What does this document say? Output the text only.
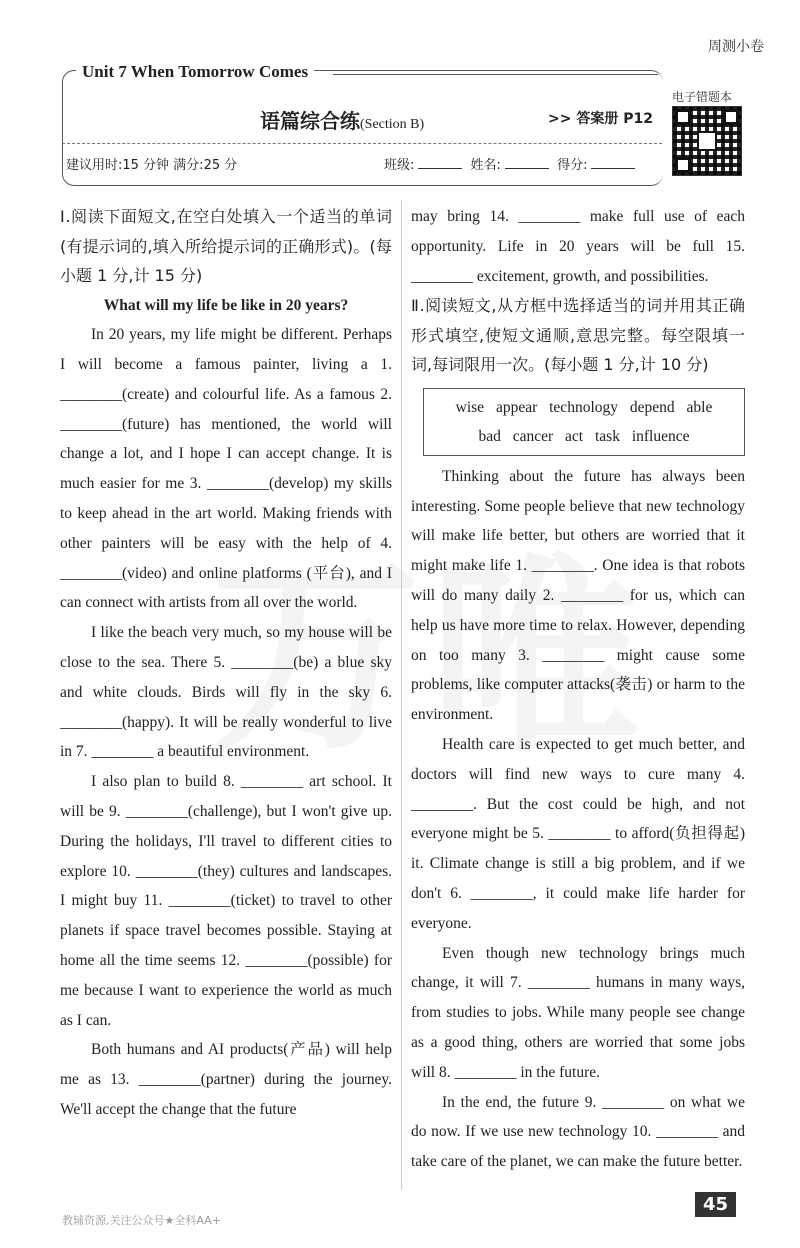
周测小卷
Unit 7 When Tomorrow Comes
语篇综合练(Section B)	>> 答案册 P12
建议用时:15 分钟 满分:25 分	班级:	姓名:	得分:
电子错题本

Ⅰ.阅读下面短文,在空白处填入一个适当的单词(有提示词的,填入所给提示词的正确形式)。(每小题 1 分,计 15 分)

What will my life be like in 20 years?

In 20 years, my life might be different. Perhaps I will become a famous painter, living a 1. ________(create) and colourful life. As a famous 2. ________(future) has mentioned, the world will change a lot, and I hope I can accept change. It is much easier for me 3. ________(develop) my skills to keep ahead in the art world. Making friends with other painters will be easy with the help of 4. ________(video) and online platforms (平台), and I can connect with artists from all over the world.

I like the beach very much, so my house will be close to the sea. There 5. ________(be) a blue sky and white clouds. Birds will fly in the sky 6. ________(happy). It will be really wonderful to live in 7. ________ a beautiful environment.

I also plan to build 8. ________ art school. It will be 9. ________(challenge), but I won't give up. During the holidays, I'll travel to different cities to explore 10. ________(they) cultures and landscapes. I might buy 11. ________(ticket) to travel to other planets if space travel becomes possible. Staying at home all the time seems 12. ________(possible) for me because I want to experience the world as much as I can.

Both humans and AI products(产品) will help me as 13. ________(partner) during the journey. We'll accept the change that the future

may bring 14. ________ make full use of each opportunity. Life in 20 years will be full 15. ________ excitement, growth, and possibilities.

Ⅱ.阅读短文,从方框中选择适当的词并用其正确形式填空,使短文通顺,意思完整。每空限填一词,每词限用一次。(每小题 1 分,计 10 分)

wise appear technology depend able
bad cancer act task influence

Thinking about the future has always been interesting. Some people believe that new technology will make life better, but others are worried that it might make life 1. ________. One idea is that robots will do many daily 2. ________ for us, which can help us have more time to relax. However, depending on too many 3. ________ might cause some problems, like computer attacks(袭击) or harm to the environment.

Health care is expected to get much better, and doctors will find new ways to cure many 4. ________. But the cost could be high, and not everyone might be 5. ________ to afford(负担得起) it. Climate change is still a big problem, and if we don't 6. ________, it could make life harder for everyone.

Even though new technology brings much change, it will 7. ________ humans in many ways, from studies to jobs. While many people see change as a good thing, others are worried that some jobs will 8. ________ in the future.

In the end, the future 9. ________ on what we do now. If we use new technology 10. ________ and take care of the planet, we can make the future better.

45
教辅资源,关注公众号★全科AA+
